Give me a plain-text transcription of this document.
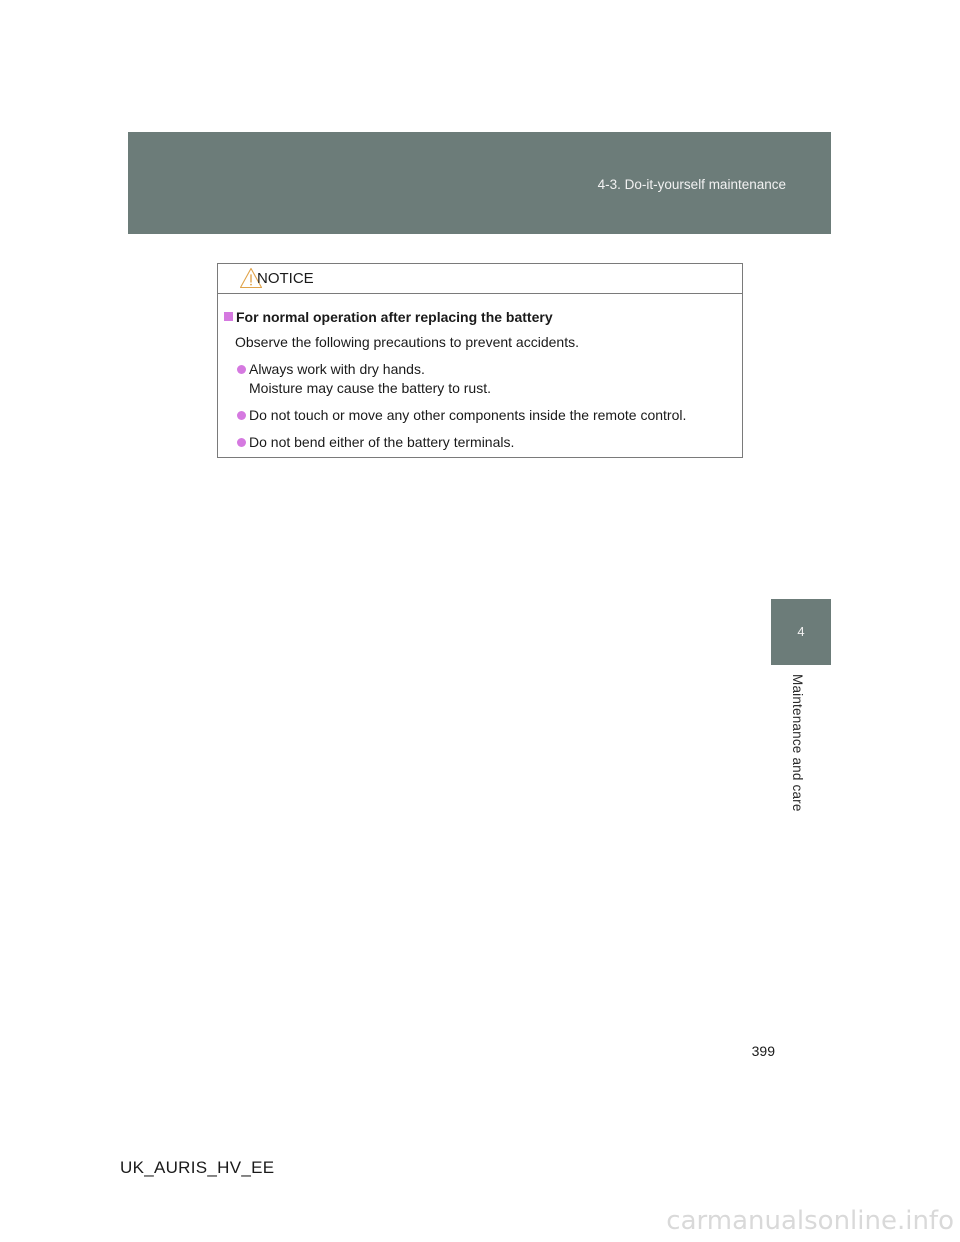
4-3. Do-it-yourself maintenance
4
Maintenance and care
NOTICE
For normal operation after replacing the battery
Observe the following precautions to prevent accidents.
Always work with dry hands.
Moisture may cause the battery to rust.
Do not touch or move any other components inside the remote control.
Do not bend either of the battery terminals.
399
UK_AURIS_HV_EE
carmanualsonline.info
